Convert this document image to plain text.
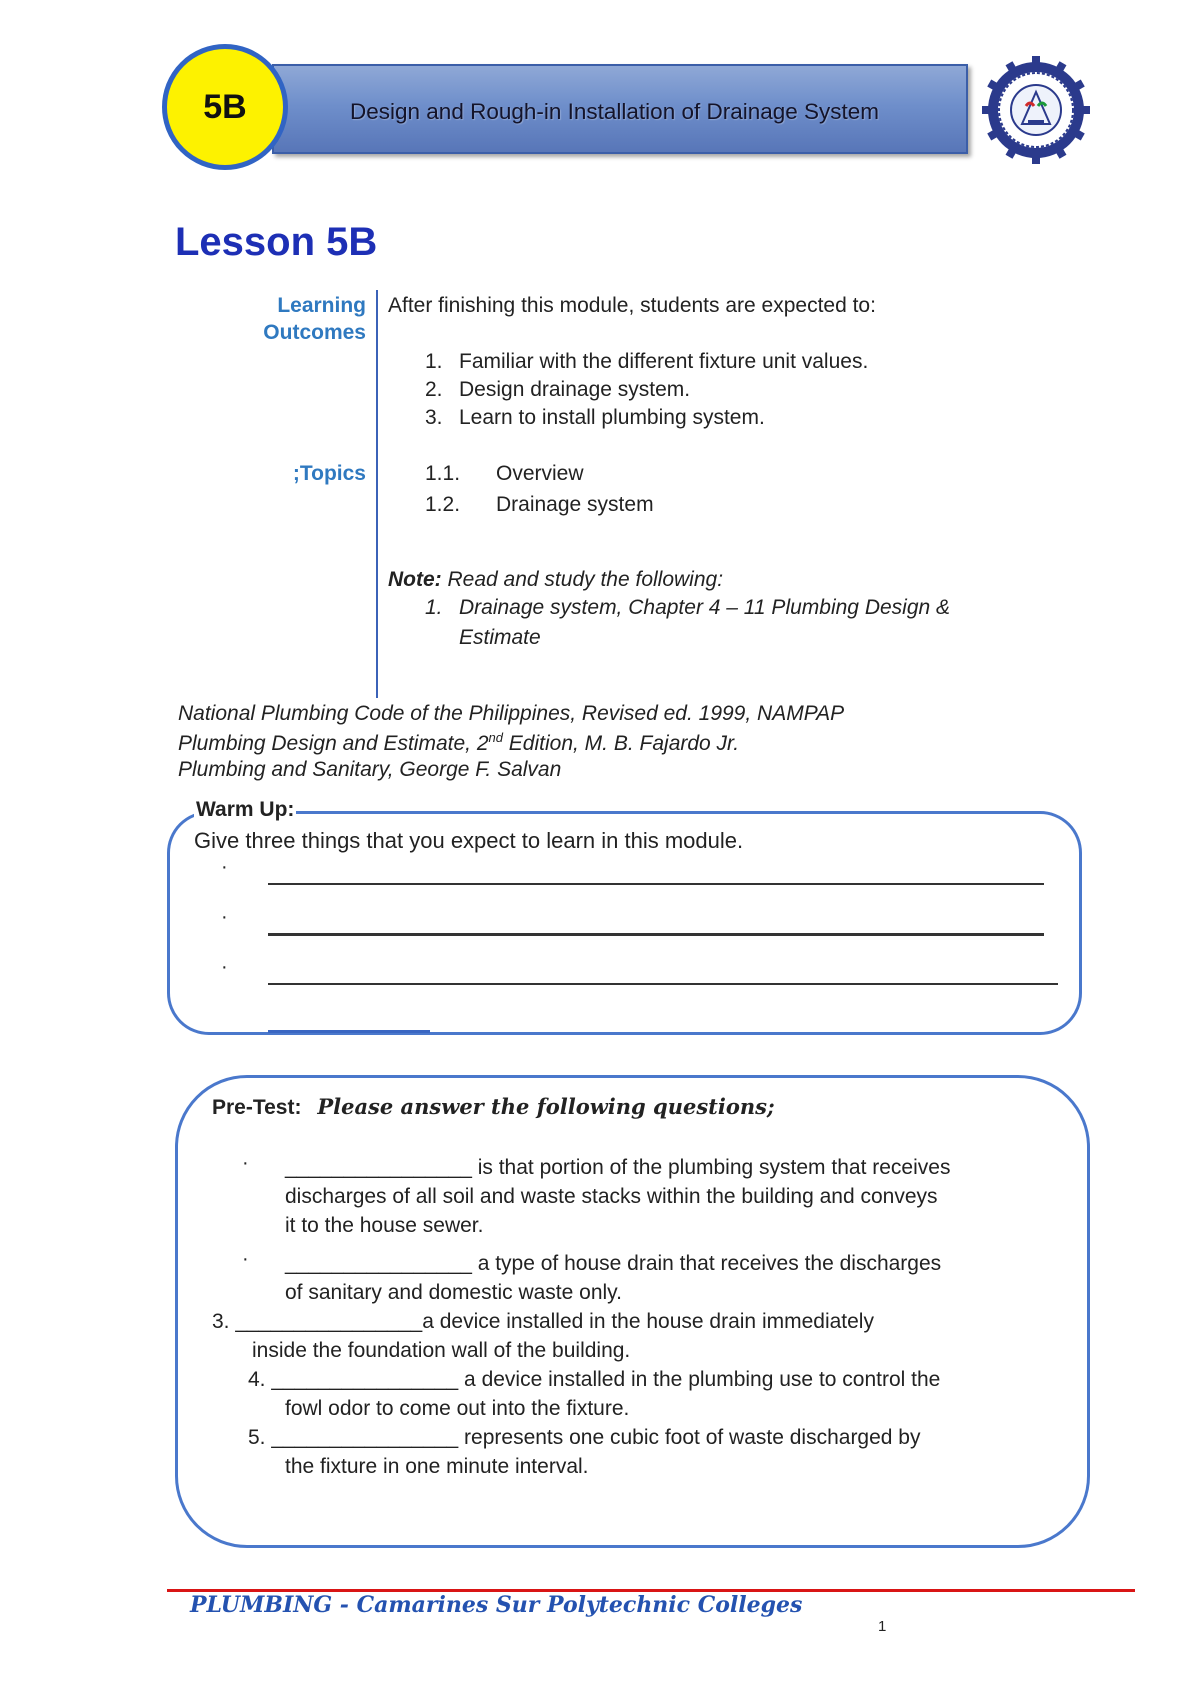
Design and Rough-in Installation of Drainage System
5B
Lesson 5B
Learning
Outcomes
After finishing this module, students are expected to:
1. Familiar with the different fixture unit values.
2. Design drainage system.
3. Learn to install plumbing system.
;Topics	1.1. Overview
1.2. Drainage system
Note: Read and study the following:
1. Drainage system, Chapter 4 – 11 Plumbing Design &
Estimate
National Plumbing Code of the Philippines, Revised ed. 1999, NAMPAP
Plumbing Design and Estimate, 2nd Edition, M. B. Fajardo Jr.
Plumbing and Sanitary, George F. Salvan
Warm Up:
Give three things that you expect to learn in this module.
·
·
·
Pre-Test: Please answer the following questions;
· ________________ is that portion of the plumbing system that receives
discharges of all soil and waste stacks within the building and conveys
it to the house sewer.
· ________________ a type of house drain that receives the discharges
of sanitary and domestic waste only.
3. ________________a device installed in the house drain immediately
inside the foundation wall of the building.
4. ________________ a device installed in the plumbing use to control the
fowl odor to come out into the fixture.
5. ________________ represents one cubic foot of waste discharged by
the fixture in one minute interval.
PLUMBING - Camarines Sur Polytechnic Colleges
1
